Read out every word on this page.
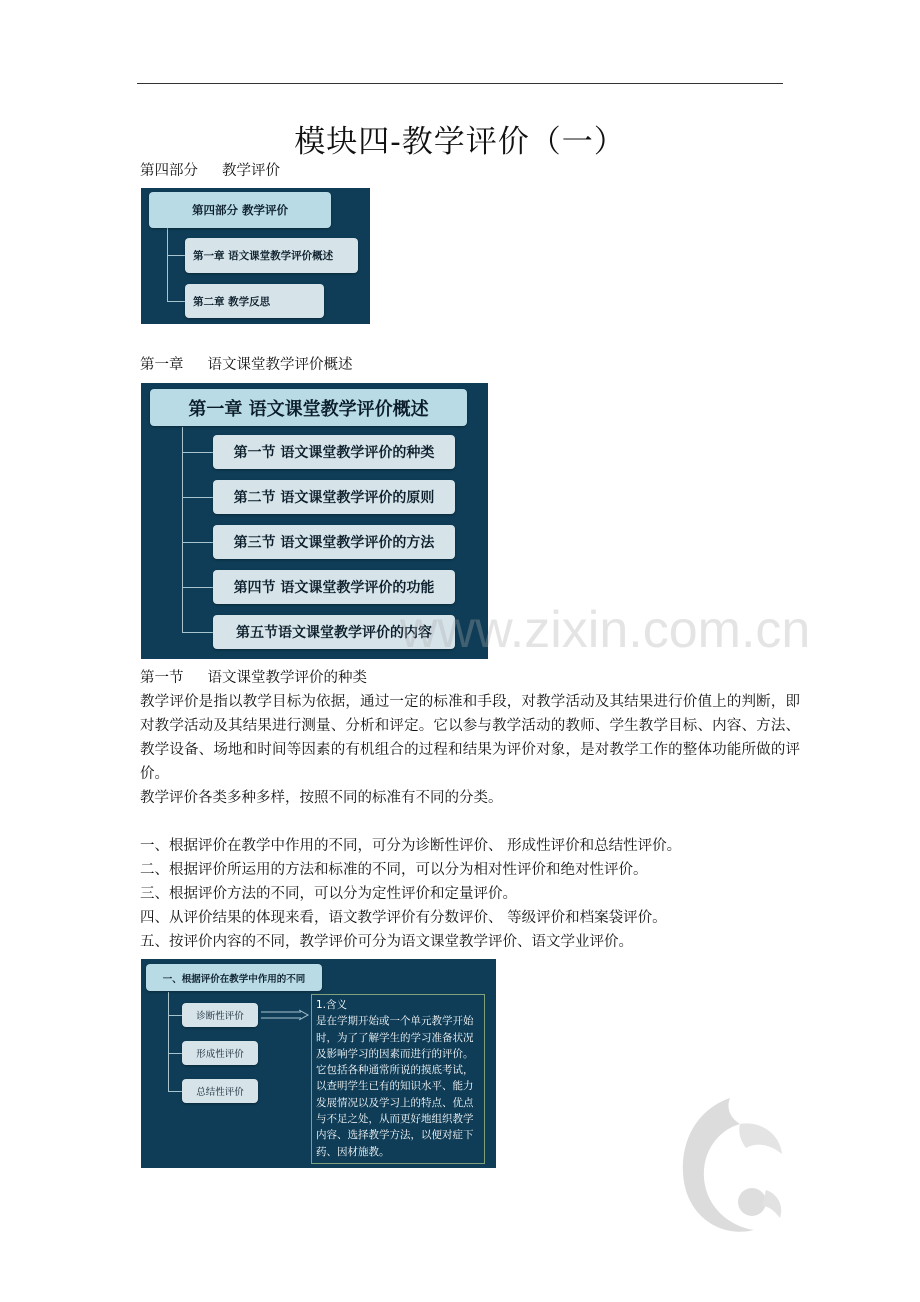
模块四-教学评价（一）
第四部分 教学评价
第四部分 教学评价
第一章 语文课堂教学评价概述
第二章 教学反思
第一章 语文课堂教学评价概述
第一章 语文课堂教学评价概述
第一节 语文课堂教学评价的种类
第二节 语文课堂教学评价的原则
第三节 语文课堂教学评价的方法
第四节 语文课堂教学评价的功能
第五节语文课堂教学评价的内容
www.zixin.com.cn
第一节 语文课堂教学评价的种类
教学评价是指以教学目标为依据，通过一定的标准和手段，对教学活动及其结果进行价值上的判断，即对教学活动及其结果进行测量、分析和评定。它以参与教学活动的教师、学生教学目标、内容、方法、教学设备、场地和时间等因素的有机组合的过程和结果为评价对象，是对教学工作的整体功能所做的评价。
教学评价各类多种多样，按照不同的标准有不同的分类。
一、根据评价在教学中作用的不同，可分为诊断性评价、 形成性评价和总结性评价。
二、根据评价所运用的方法和标准的不同，可以分为相对性评价和绝对性评价。
三、根据评价方法的不同，可以分为定性评价和定量评价。
四、从评价结果的体现来看，语文教学评价有分数评价、 等级评价和档案袋评价。
五、按评价内容的不同，教学评价可分为语文课堂教学评价、语文学业评价。
一、根据评价在教学中作用的不同
诊断性评价
形成性评价
总结性评价
1.含义
是在学期开始或一个单元教学开始时，为了了解学生的学习准备状况及影响学习的因素而进行的评价。它包括各种通常所说的摸底考试，以查明学生已有的知识水平、能力发展情况以及学习上的特点、优点与不足之处，从而更好地组织教学内容、选择教学方法，以便对症下药、因材施教。
